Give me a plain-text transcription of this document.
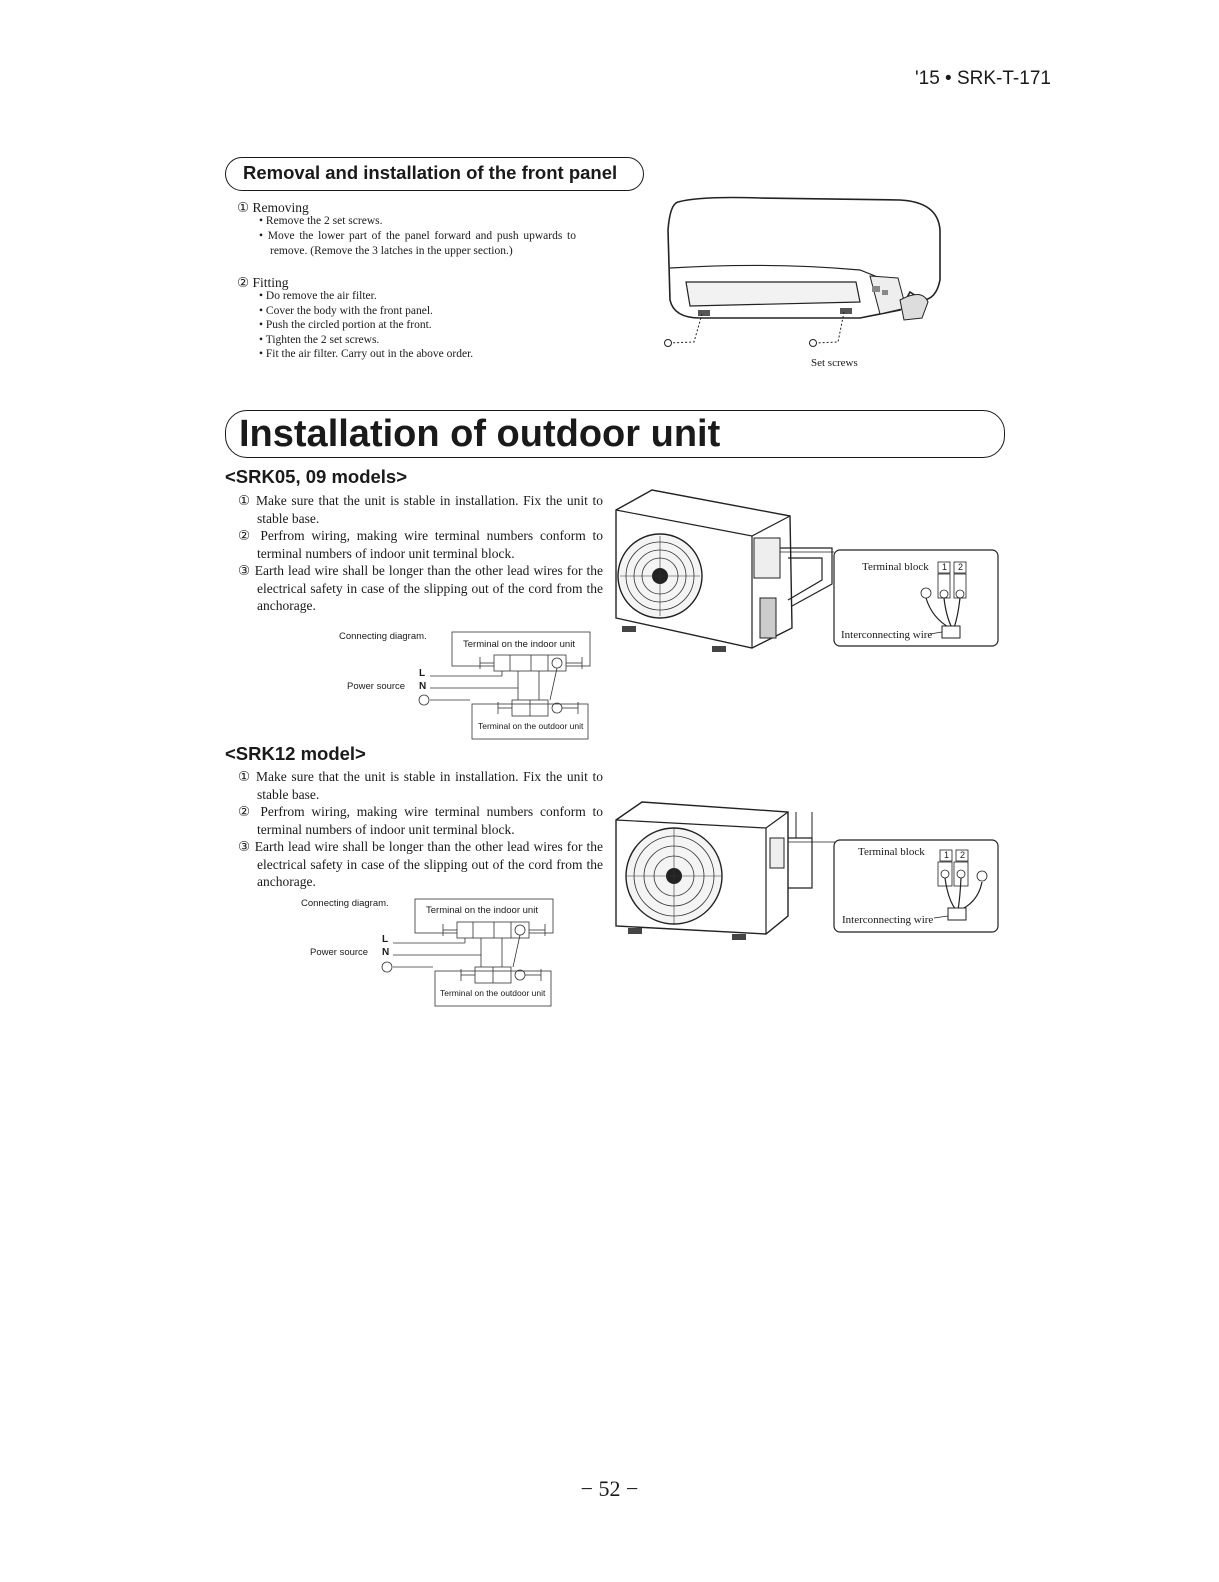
'15 • SRK-T-171
Removal and installation of the front panel
① Removing
• Remove the 2 set screws.
• Move the lower part of the panel forward and push upwards to remove. (Remove the 3 latches in the upper section.)
② Fitting
• Do remove the air filter.
• Cover the body with the front panel.
• Push the circled portion at the front.
• Tighten the 2 set screws.
• Fit the air filter. Carry out in the above order.
Set screws
Installation of outdoor unit
<SRK05, 09 models>
① Make sure that the unit is stable in installation. Fix the unit to stable base.
② Perfrom wiring, making wire terminal numbers conform to terminal numbers of indoor unit terminal block.
③ Earth lead wire shall be longer than the other lead wires for the electrical safety in case of the slipping out of the cord from the anchorage.
Connecting diagram.
Terminal on the indoor unit
Power source
L
N
Terminal on the outdoor unit
Terminal block
Interconnecting wire
1 2
<SRK12 model>
① Make sure that the unit is stable in installation. Fix the unit to stable base.
② Perfrom wiring, making wire terminal numbers conform to terminal numbers of indoor unit terminal block.
③ Earth lead wire shall be longer than the other lead wires for the electrical safety in case of the slipping out of the cord from the anchorage.
Connecting diagram.
Terminal on the indoor unit
Power source
L
N
Terminal on the outdoor unit
Terminal block
Interconnecting wire
1 2
− 52 −
